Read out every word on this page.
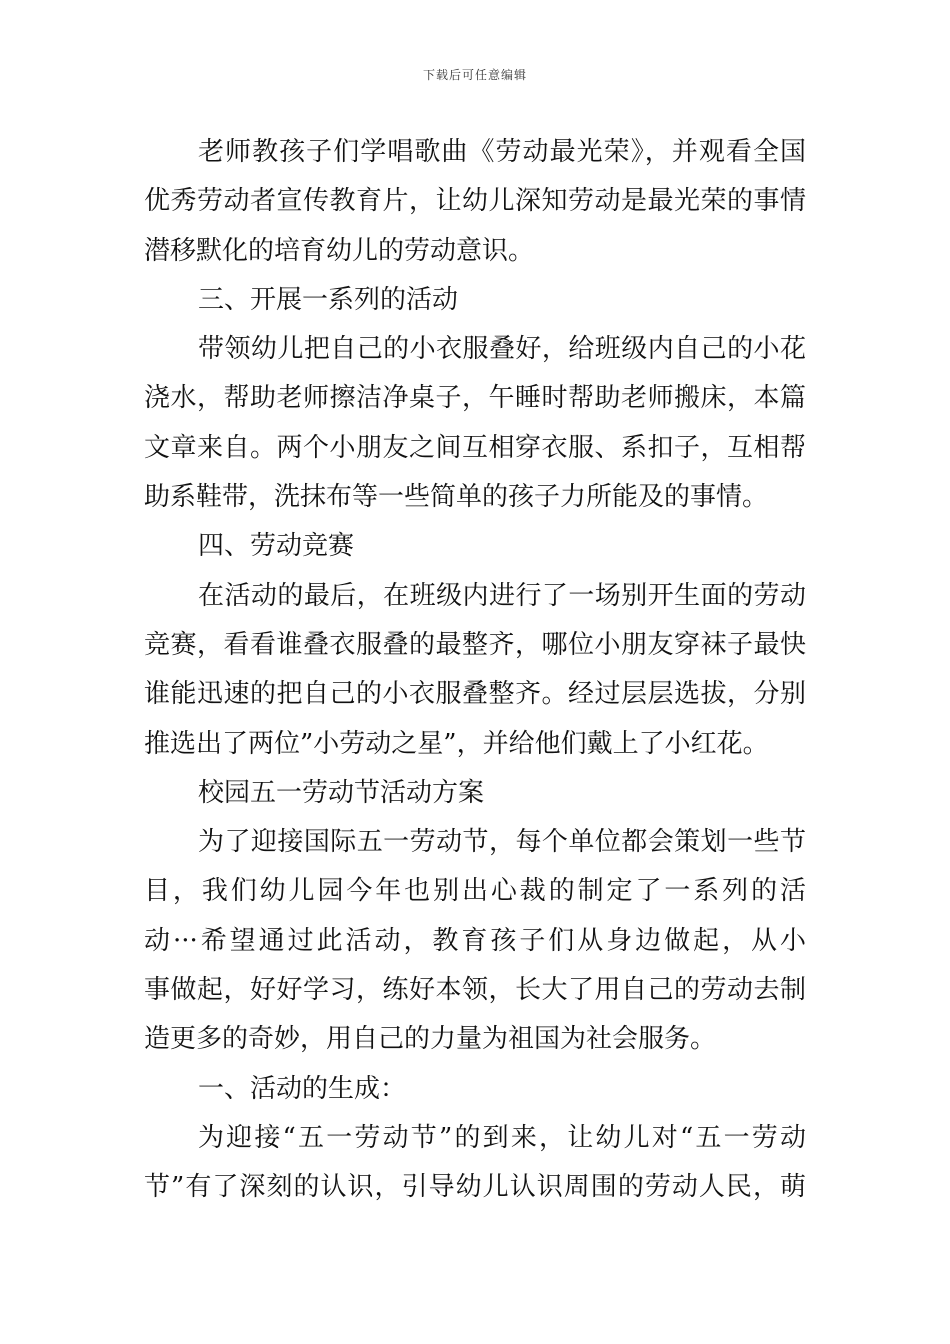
下载后可任意编辑
老师教孩子们学唱歌曲《劳动最光荣》，并观看全国
优秀劳动者宣传教育片，让幼儿深知劳动是最光荣的事情
潜移默化的培育幼儿的劳动意识。
三、开展一系列的活动
带领幼儿把自己的小衣服叠好，给班级内自己的小花
浇水，帮助老师擦洁净桌子，午睡时帮助老师搬床，本篇
文章来自。两个小朋友之间互相穿衣服、系扣子，互相帮
助系鞋带，洗抹布等一些简单的孩子力所能及的事情。
四、劳动竞赛
在活动的最后，在班级内进行了一场别开生面的劳动
竞赛，看看谁叠衣服叠的最整齐，哪位小朋友穿袜子最快
谁能迅速的把自己的小衣服叠整齐。经过层层选拔，分别
推选出了两位”小劳动之星”，并给他们戴上了小红花。
校园五一劳动节活动方案
为了迎接国际五一劳动节，每个单位都会策划一些节
目，我们幼儿园今年也别出心裁的制定了一系列的活
动···希望通过此活动，教育孩子们从身边做起，从小
事做起，好好学习，练好本领，长大了用自己的劳动去制
造更多的奇妙，用自己的力量为祖国为社会服务。
一、活动的生成：
为迎接“五一劳动节”的到来，让幼儿对“五一劳动
节”有了深刻的认识，引导幼儿认识周围的劳动人民，萌
